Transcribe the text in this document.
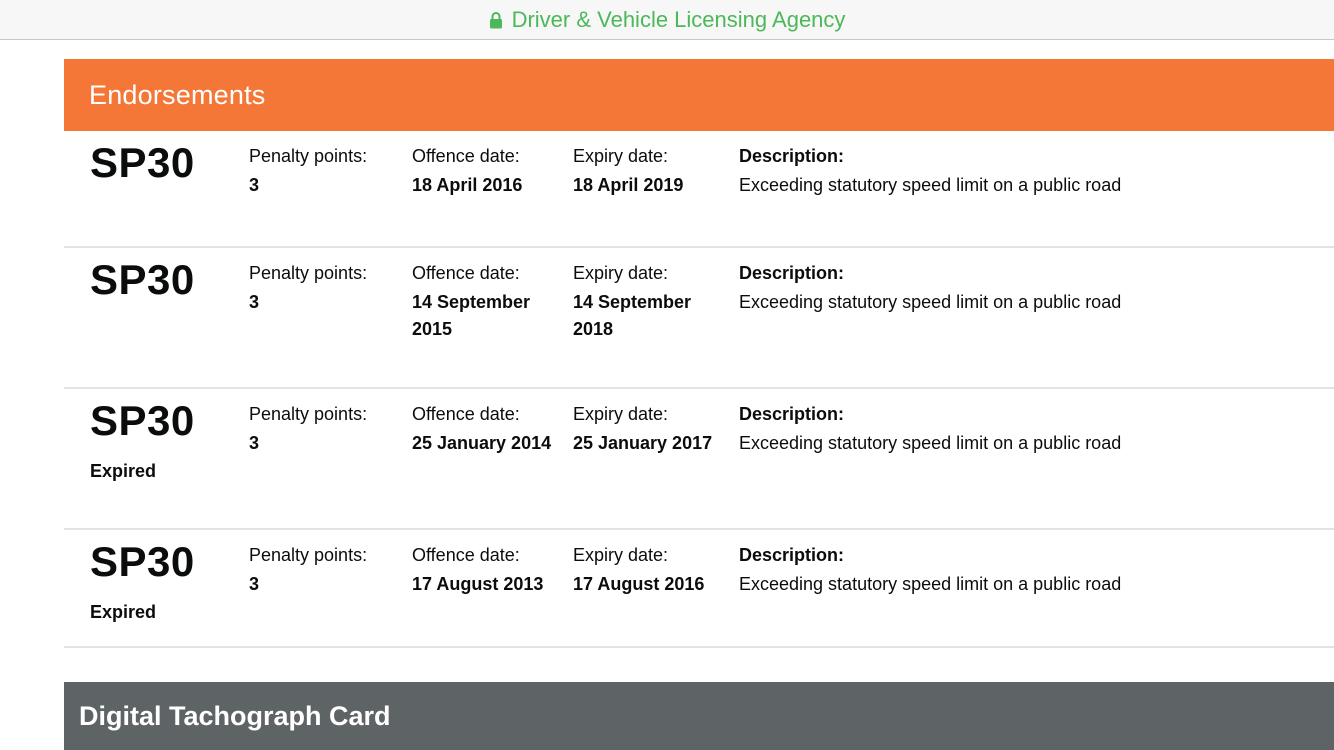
Driver & Vehicle Licensing Agency
Endorsements
SP30	Penalty points:
3
Offence date:
18 April 2016
Expiry date:
18 April 2019
Description:
Exceeding statutory speed limit on a public road
SP30	Penalty points:
3
Offence date:
14 September 2015
Expiry date:
14 September 2018
Description:
Exceeding statutory speed limit on a public road
SP30
Expired
Penalty points:
3
Offence date:
25 January 2014
Expiry date:
25 January 2017
Description:
Exceeding statutory speed limit on a public road
SP30
Expired
Penalty points:
3
Offence date:
17 August 2013
Expiry date:
17 August 2016
Description:
Exceeding statutory speed limit on a public road
Digital Tachograph Card
